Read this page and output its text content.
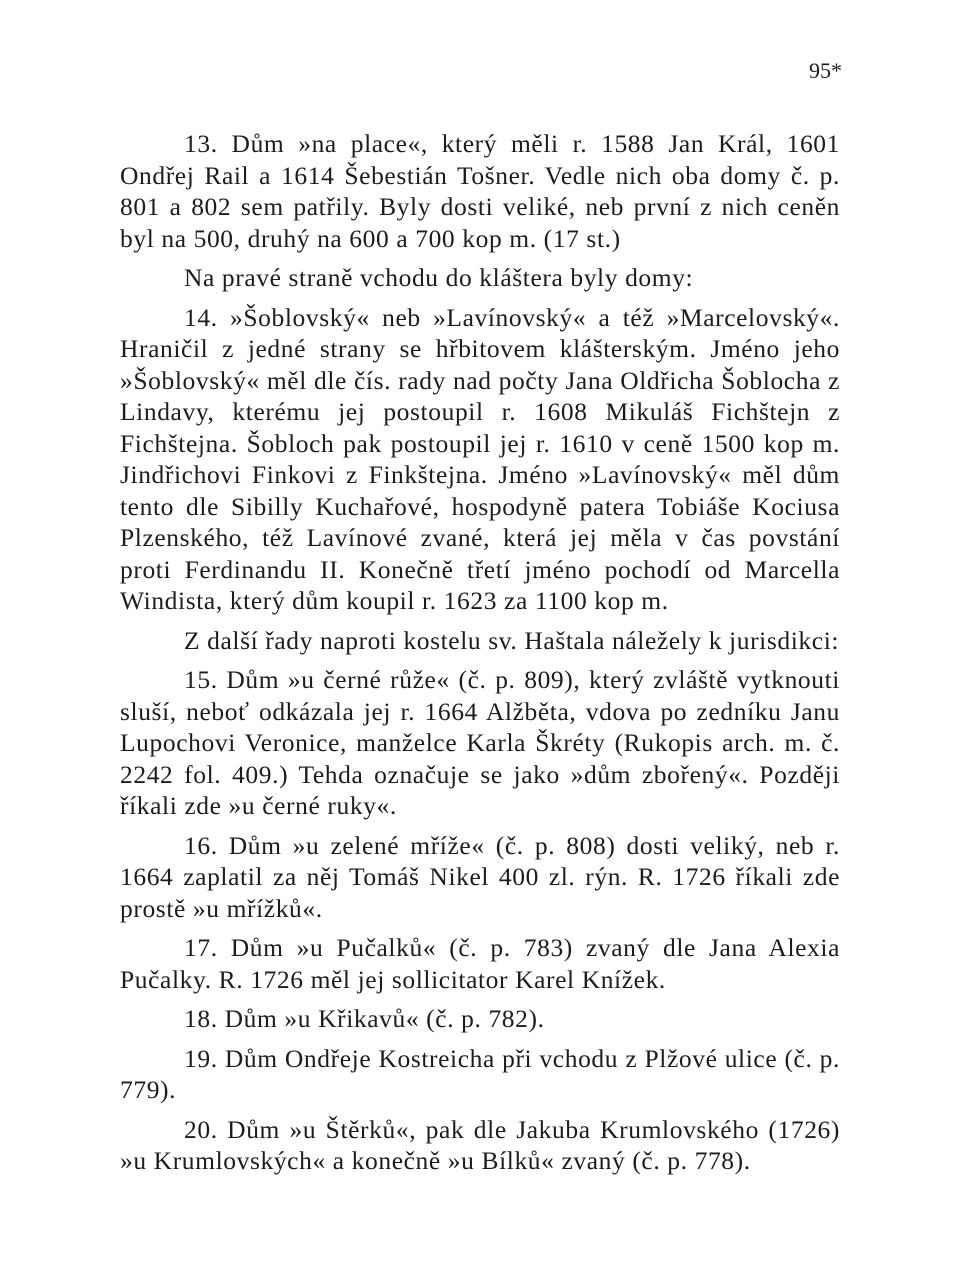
95*

13. Dům »na place«, který měli r. 1588 Jan Král, 1601 Ondřej Rail a 1614 Šebestián Tošner. Vedle nich oba domy č. p. 801 a 802 sem patřily. Byly dosti veliké, neb první z nich ceněn byl na 500, druhý na 600 a 700 kop m. (17 st.)

Na pravé straně vchodu do kláštera byly domy:

14. »Šoblovský« neb »Lavínovský« a též »Marcelovský«. Hraničil z jedné strany se hřbitovem klášterským. Jméno jeho »Šoblovský« měl dle čís. rady nad počty Jana Oldřicha Šoblocha z Lindavy, kterému jej postoupil r. 1608 Mikuláš Fichštejn z Fichštejna. Šobloch pak postoupil jej r. 1610 v ceně 1500 kop m. Jindřichovi Finkovi z Finkštejna. Jméno »Lavínovský« měl dům tento dle Sibilly Kuchařové, hospodyně patera Tobiáše Kociusa Plzenského, též Lavínové zvané, která jej měla v čas povstání proti Ferdinandu II. Konečně třetí jméno pochodí od Marcella Windista, který dům koupil r. 1623 za 1100 kop m.

Z další řady naproti kostelu sv. Haštala náležely k jurisdikci:

15. Dům »u černé růže« (č. p. 809), který zvláště vytknouti sluší, neboť odkázala jej r. 1664 Alžběta, vdova po zedníku Janu Lupochovi Veronice, manželce Karla Škréty (Rukopis arch. m. č. 2242 fol. 409.) Tehda označuje se jako »dům zbořený«. Později říkali zde »u černé ruky«.

16. Dům »u zelené mříže« (č. p. 808) dosti veliký, neb r. 1664 zaplatil za něj Tomáš Nikel 400 zl. rýn. R. 1726 říkali zde prostě »u mřížků«.

17. Dům »u Pučalků« (č. p. 783) zvaný dle Jana Alexia Pučalky. R. 1726 měl jej sollicitator Karel Knížek.

18. Dům »u Křikavů« (č. p. 782).

19. Dům Ondřeje Kostreicha při vchodu z Plžové ulice (č. p. 779).

20. Dům »u Štěrků«, pak dle Jakuba Krumlovského (1726) »u Krumlovských« a konečně »u Bílků« zvaný (č. p. 778).
